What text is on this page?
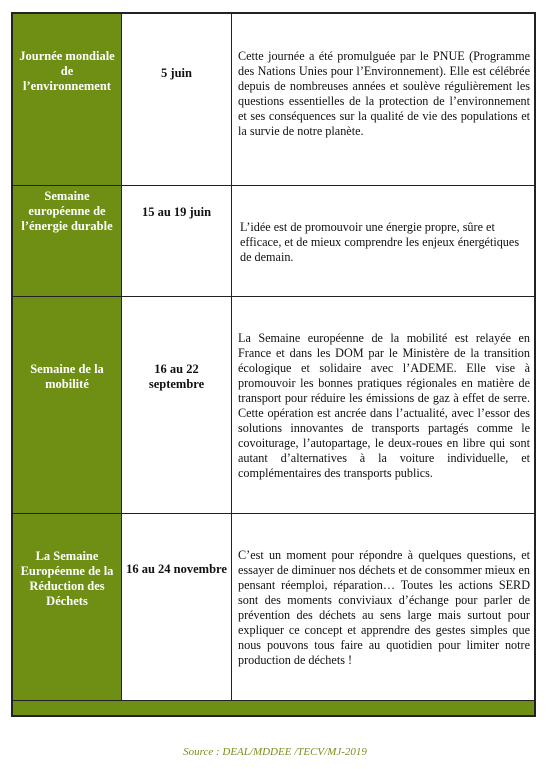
Journée mondiale de l’environnement	5 juin	Cette journée a été promulguée par le PNUE (Programme des Nations Unies pour l’Environnement). Elle est célébrée depuis de nombreuses années et soulève régulièrement les questions essentielles de la protection de l’environnement et ses conséquences sur la qualité de vie des populations et la survie de notre planète.

Semaine européenne de l’énergie durable	15 au 19 juin	L’idée est de promouvoir une énergie propre, sûre et efficace, et de mieux comprendre les enjeux énergétiques de demain.

Semaine de la mobilité	16 au 22 septembre	La Semaine européenne de la mobilité est relayée en France et dans les DOM par le Ministère de la transition écologique et solidaire avec l’ADEME. Elle vise à promouvoir les bonnes pratiques régionales en matière de transport pour réduire les émissions de gaz à effet de serre. Cette opération est ancrée dans l’actualité, avec l’essor des solutions innovantes de transports partagés comme le covoiturage, l’autopartage, le deux-roues en libre qui sont autant d’alternatives à la voiture individuelle, et complémentaires des transports publics.

La Semaine Européenne de la Réduction des Déchets	16 au 24 novembre	C’est un moment pour répondre à quelques questions, et essayer de diminuer nos déchets et de consommer mieux en pensant réemploi, réparation… Toutes les actions SERD sont des moments conviviaux d’échange pour parler de prévention des déchets au sens large mais surtout pour expliquer ce concept et apprendre des gestes simples que nous pouvons tous faire au quotidien pour limiter notre production de déchets !

Source : DEAL/MDDEE /TECV/MJ-2019
